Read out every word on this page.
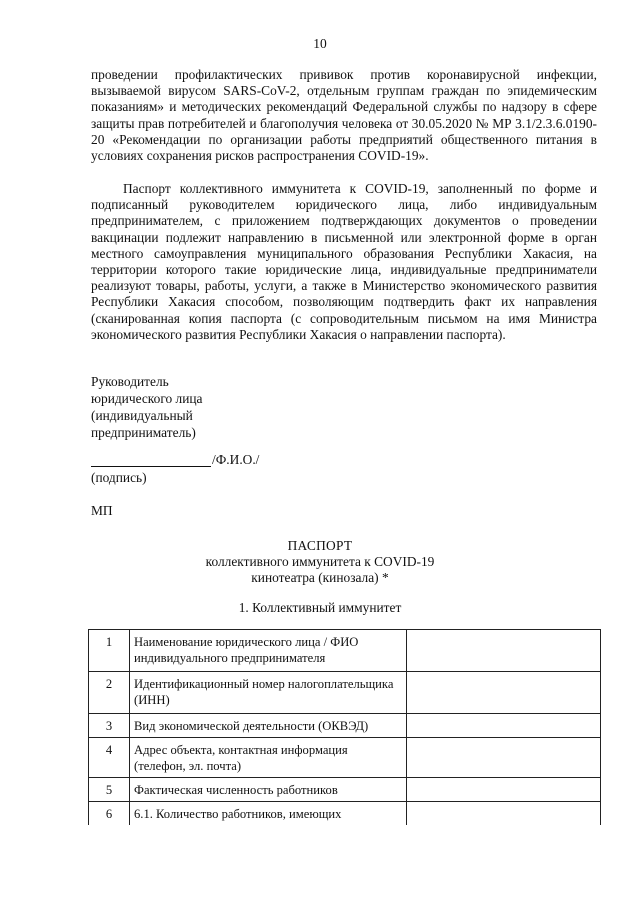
10

проведении профилактических прививок против коронавирусной инфекции, вызываемой вирусом SARS-CoV-2, отдельным группам граждан по эпидемическим показаниям» и методических рекомендаций Федеральной службы по надзору в сфере защиты прав потребителей и благополучия человека от 30.05.2020 № МР 3.1/2.3.6.0190-20 «Рекомендации по организации работы предприятий общественного питания в условиях сохранения рисков распространения COVID-19».

Паспорт коллективного иммунитета к COVID-19, заполненный по форме и подписанный руководителем юридического лица, либо индивидуальным предпринимателем, с приложением подтверждающих документов о проведении вакцинации подлежит направлению в письменной или электронной форме в орган местного самоуправления муниципального образования Республики Хакасия, на территории которого такие юридические лица, индивидуальные предприниматели реализуют товары, работы, услуги, а также в Министерство экономического развития Республики Хакасия способом, позволяющим подтвердить факт их направления (сканированная копия паспорта (с сопроводительным письмом на имя Министра экономического развития Республики Хакасия о направлении паспорта).

Руководитель
юридического лица
(индивидуальный
предприниматель)
/Ф.И.О./
(подпись)
МП
ПАСПОРТ
коллективного иммунитета к COVID-19
кинотеатра (кинозала) *
1. Коллективный иммунитет
1	Наименование юридического лица / ФИО индивидуального предпринимателя	
2	Идентификационный номер налогоплательщика (ИНН)	
3	Вид экономической деятельности (ОКВЭД)	
4	Адрес объекта, контактная информация (телефон, эл. почта)	
5	Фактическая численность работников	
6	6.1. Количество работников, имеющих	
